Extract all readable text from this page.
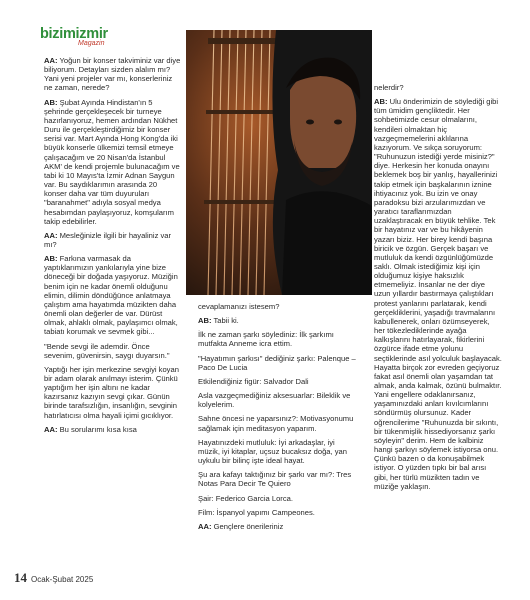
bizimizmir
Magazin

AA: Yoğun bir konser takviminiz var diye biliyorum. Detayları sizden alalım mı? Yani yeni projeler var mı, konserleriniz ne zaman, nerede?

AB: Şubat Ayında Hindistan'ın 5 şehrinde gerçekleşecek bir turneye hazırlanıyoruz, hemen ardından Nükhet Duru ile gerçekleştirdiğimiz bir konser serisi var. Mart Ayında Hong Kong'da iki büyük konserle ülkemizi temsil etmeye çalışacağım ve 20 Nisan'da İstanbul AKM' de kendi projemle bulunacağım ve tabi ki 10 Mayıs'ta İzmir Adnan Saygun var. Bu saydıklarımın arasında 20 konser daha var tüm duyuruları "baranahmet" adıyla sosyal medya hesabımdan paylaşıyoruz, komşularım takip edebilirler.

AA: Mesleğinizle ilgili bir hayaliniz var mı?

AB: Farkına varmasak da yaptıklarımızın yankılarıyla yine bize döneceği bir doğada yaşıyoruz. Müziğin benim için ne kadar önemli olduğunu elimin, dilimin döndüğünce anlatmaya çalıştım ama hayatımda müzikten daha önemli olan değerler de var. Dürüst olmak, ahlaklı olmak, paylaşımcı olmak, tabiatı korumak ve sevmek gibi...

"Bende sevgi ile ademdir. Önce sevenim, güvenirsin, saygı duyarsın."

Yaptığı her işin merkezine sevgiyi koyan bir adam olarak anılmayı isterim. Çünkü yaptığım her işin altını ne kadar kazırsanız kazıyın sevgi çıkar. Günün birinde tarafsızlığın, insanlığın, sevginin hatırlatıcısı olma hayali içimi gıcıklıyor.

AA: Bu sorularımı kısa kısa

cevaplamanızı istesem?

AB: Tabii ki.

İlk ne zaman şarkı söylediniz: İlk şarkımı mutfakta Anneme icra ettim.

"Hayatımın şarkısı" dediğiniz şarkı: Palenque – Paco De Lucia

Etkilendiğiniz figür: Salvador Dali

Asla vazgeçmediğiniz aksesuarlar: Bileklik ve kolyelerim.

Sahne öncesi ne yaparsınız?: Motivasyonumu sağlamak için meditasyon yaparım.

Hayatınızdeki mutluluk: İyi arkadaşlar, iyi müzik, iyi kitaplar, uçsuz bucaksız doğa, yan uykulu bir bilinç işte ideal hayat.

Şu ara kafayı taktığınız bir şarkı var mı?: Tres Notas Para Decir Te Quiero

Şair: Federico Garcia Lorca.

Film: İspanyol yapımı Campeones.

AA: Gençlere önerileriniz

nelerdir?

AB: Ulu önderimizin de söylediği gibi tüm ümidim gençliktedir. Her sohbetimizde cesur olmalarını, kendileri olmaktan hiç vazgeçmemelerini aklılarına kazıyorum. Ve sıkça soruyorum: "Ruhunuzun istediği yerde misiniz?" diye. Herkesin her konuda onayını beklemek boş bir yanlış, hayallerinizi takip etmek için başkalarının iznine ihtiyacınız yok. Bu izin ve onay paradoksu bizi arzularımızdan ve yaratıcı taraflarımızdan uzaklaştıracak en büyük tehlike. Tek bir hayatınız var ve bu hikâyenin yazarı biziz. Her birey kendi başına biricik ve özgün. Gerçek başarı ve mutluluk da kendi özgünlüğümüzde saklı. Olmak istediğimiz kişi için olduğumuz kişiye haksızlık etmemeliyiz. İnsanlar ne der diye uzun yıllardır bastırmaya çalıştıkları protest yanlarını parlatarak, kendi gerçekliklerini, yaşadığı travmalarını kabullenerek, onları özümseyerek, her tökezlediklerinde ayağa kalkışlarını hatırlayarak, fikirlerini özgürce ifade etme yolunu seçtiklerinde asıl yolculuk başlayacak. Hayatta birçok zor evreden geçiyoruz fakat asıl önemli olan yaşamdan tat almak, anda kalmak, özünü bulmaktır. Yani engellere odaklanırsanız, yaşamınızdaki anları kıvılcımlarını söndürmüş olursunuz. Kader oğrencilerime "Ruhunuzda bir sıkıntı, bir tükenmişlik hissediyorsanız şarkı söyleyin" derim. Hem de kalbiniz hangi şarkıyı söylemek istiyorsa onu. Çünkü bazen o da konuşabilmek istiyor. O yüzden tıpkı bir bal arısı gibi, her türlü müzikten tadın ve müziğe yaklaşın.

14 Ocak-Şubat 2025
